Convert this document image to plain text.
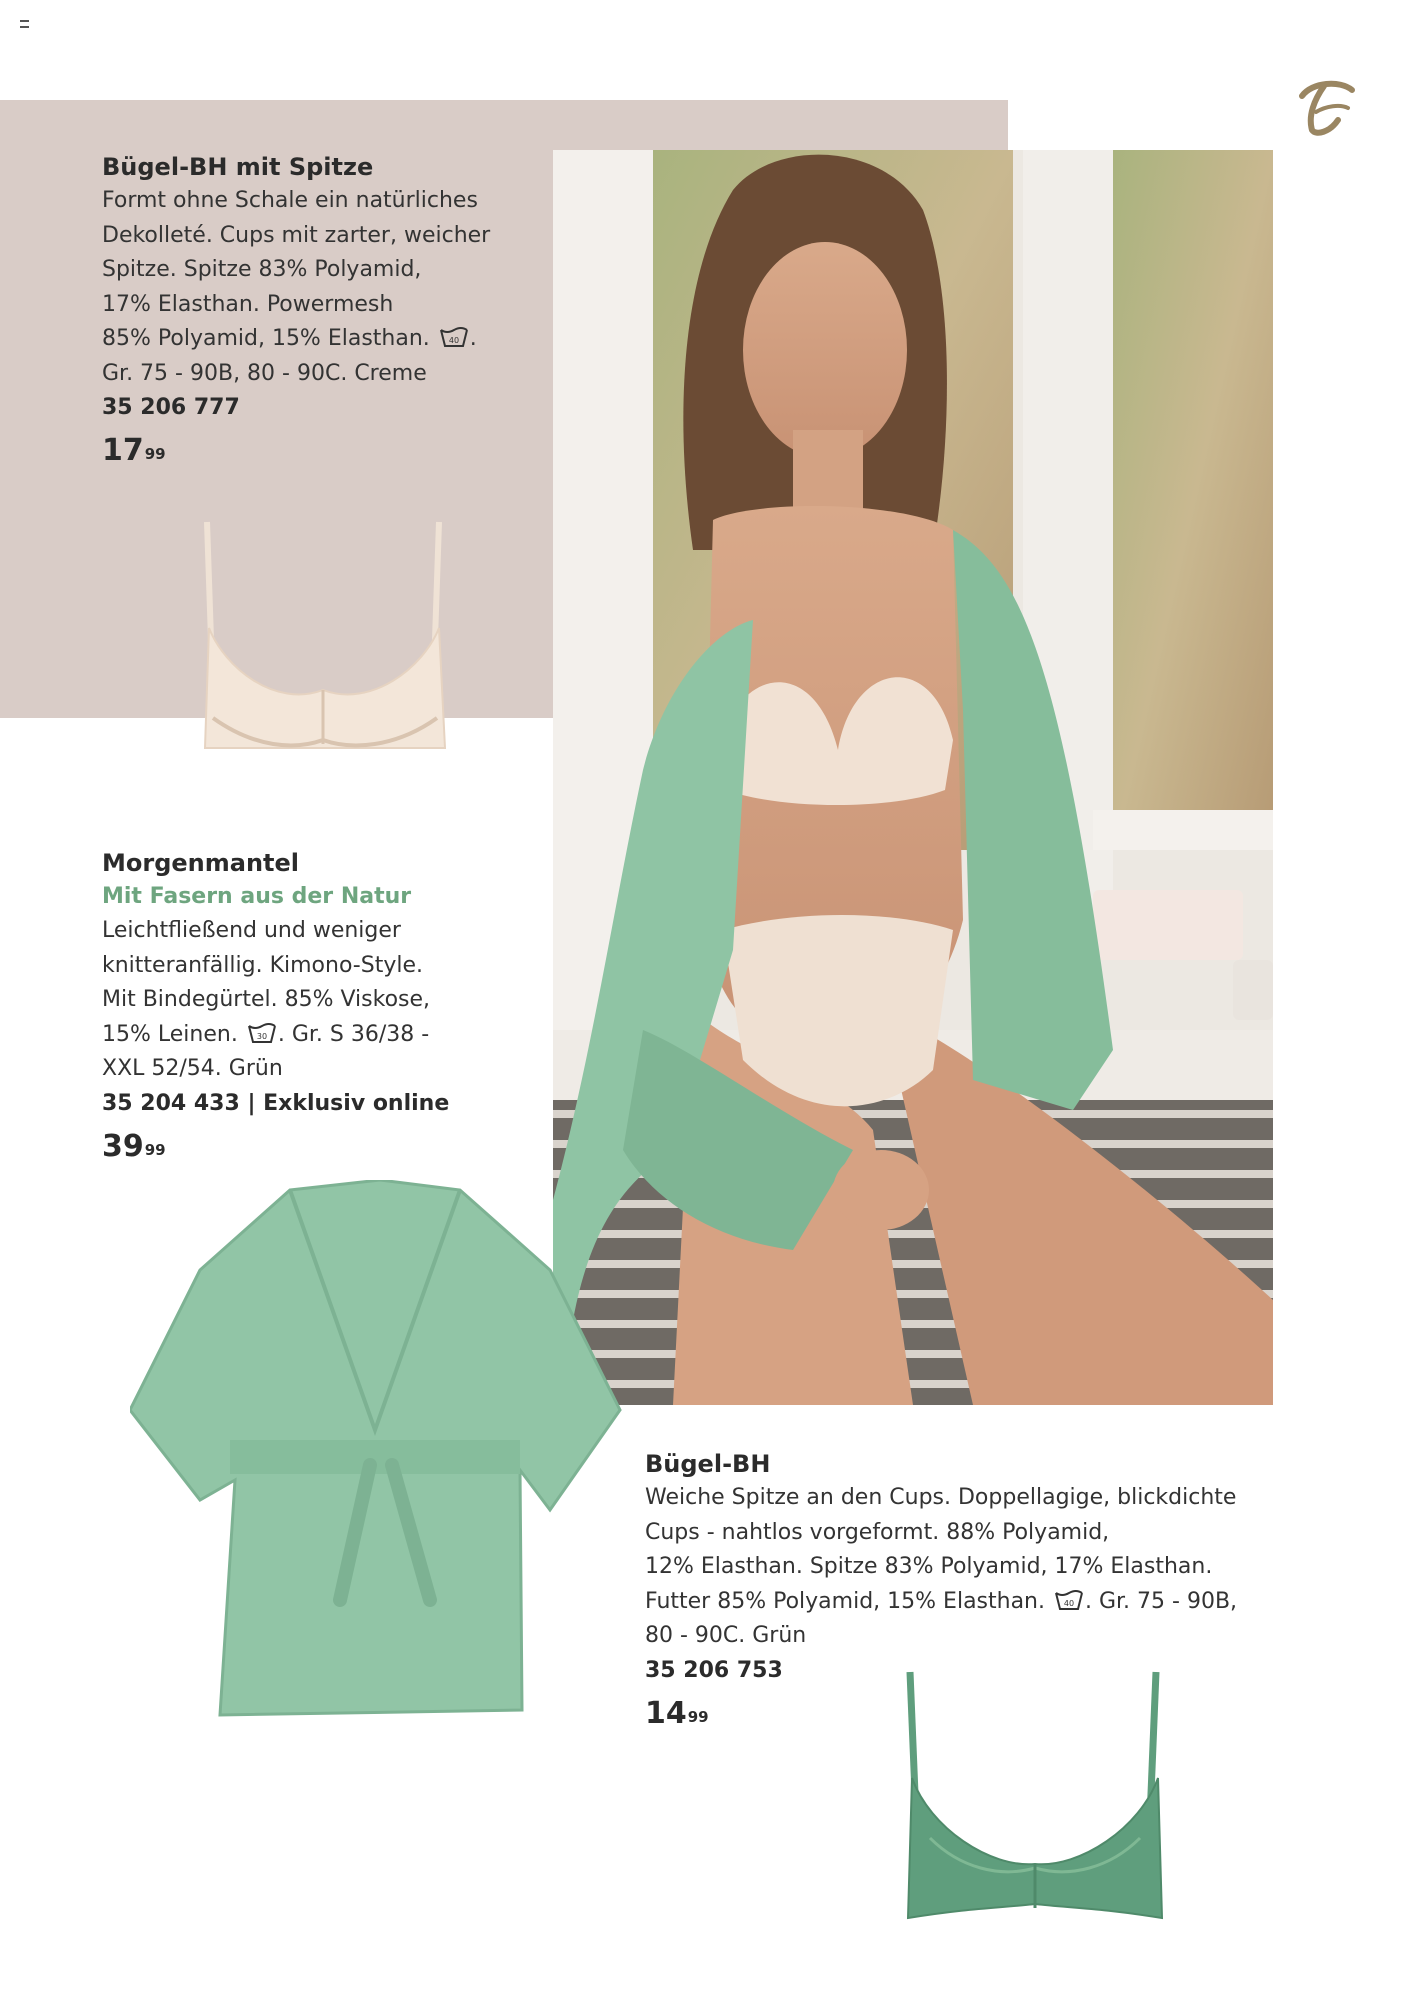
Bügel-BH mit Spitze
Formt ohne Schale ein natürliches
Dekolleté. Cups mit zarter, weicher
Spitze. Spitze 83% Polyamid,
17% Elasthan. Powermesh
85% Polyamid, 15% Elasthan. 40 .
Gr. 75 - 90B, 80 - 90C. Creme
35 206 777
$17^{99}$
Morgenmantel
Mit Fasern aus der Natur
Leichtfließend und weniger
knitteranfällig. Kimono-Style.
Mit Bindegürtel. 85% Viskose,
15% Leinen. 30 . Gr. S 36/38 -
XXL 52/54. Grün
35 204 433 | Exklusiv online
$39^{99}$
Bügel-BH
Weiche Spitze an den Cups. Doppellagige, blickdichte
Cups - nahtlos vorgeformt. 88% Polyamid,
12% Elasthan. Spitze 83% Polyamid, 17% Elasthan.
Futter 85% Polyamid, 15% Elasthan. 40 . Gr. 75 - 90B,
80 - 90C. Grün
35 206 753
$14^{99}$
